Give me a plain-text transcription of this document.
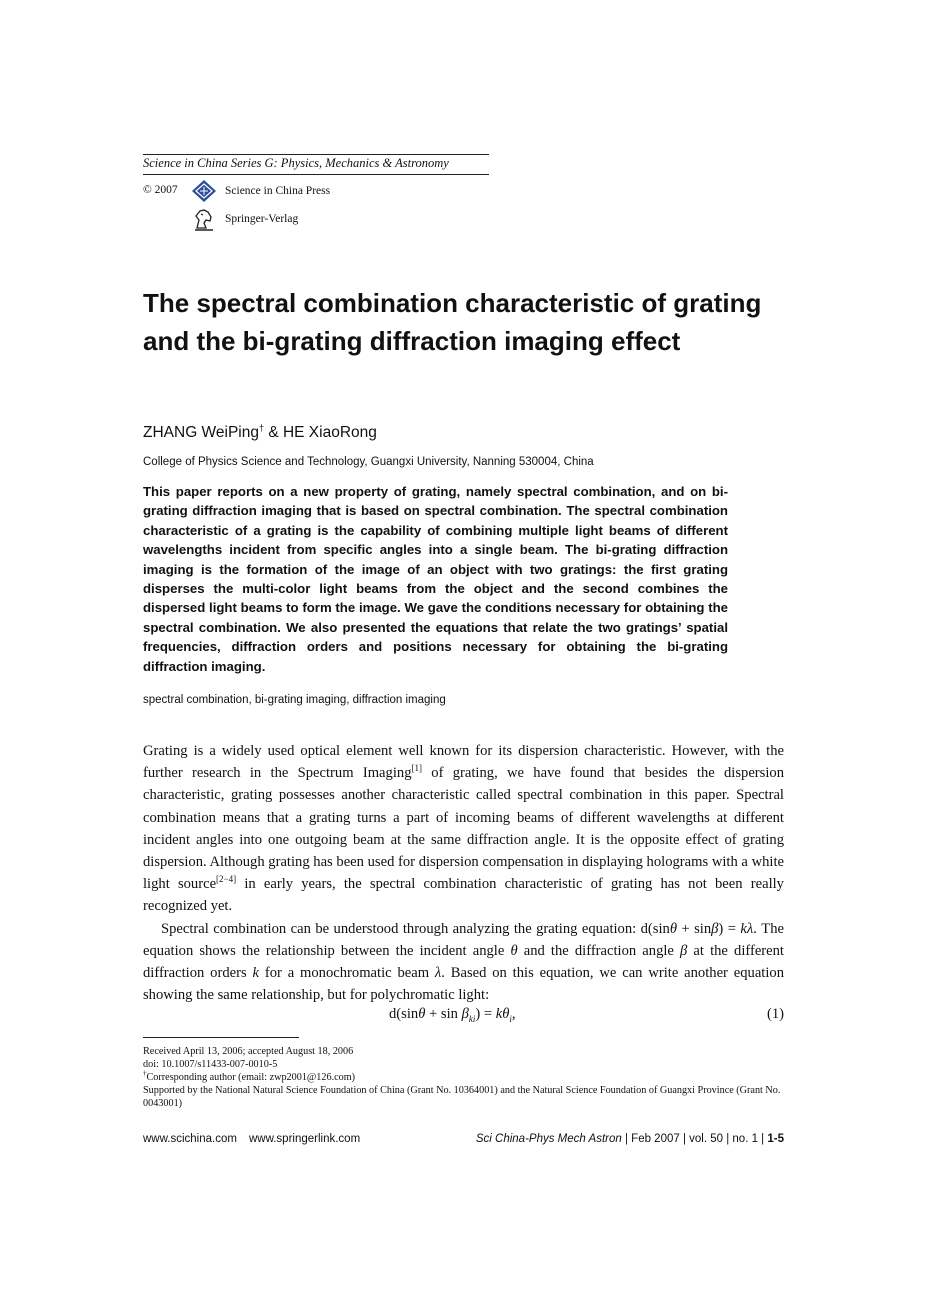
Science in China Series G: Physics, Mechanics & Astronomy
© 2007	Science in China Press
Springer-Verlag
The spectral combination characteristic of grating and the bi-grating diffraction imaging effect
ZHANG WeiPing† & HE XiaoRong
College of Physics Science and Technology, Guangxi University, Nanning 530004, China
This paper reports on a new property of grating, namely spectral combination, and on bi-grating diffraction imaging that is based on spectral combination. The spectral combination characteristic of a grating is the capability of combining multiple light beams of different wavelengths incident from specific angles into a single beam. The bi-grating diffraction imaging is the formation of the image of an object with two gratings: the first grating disperses the multi-color light beams from the object and the second combines the dispersed light beams to form the image. We gave the conditions necessary for obtaining the spectral combination. We also presented the equations that relate the two gratings’ spatial frequencies, diffraction orders and positions necessary for obtaining the bi-grating diffraction imaging.
spectral combination, bi-grating imaging, diffraction imaging

Grating is a widely used optical element well known for its dispersion characteristic. However, with the further research in the Spectrum Imaging[1] of grating, we have found that besides the dispersion characteristic, grating possesses another characteristic called spectral combination in this paper. Spectral combination means that a grating turns a part of incoming beams of different wavelengths at different incident angles into one outgoing beam at the same diffraction angle. It is the opposite effect of grating dispersion. Although grating has been used for dispersion compensation in displaying holograms with a white light source[2−4] in early years, the spectral combination characteristic of grating has not been really recognized yet.

Spectral combination can be understood through analyzing the grating equation: d(sinθ + sinβ) = kλ. The equation shows the relationship between the incident angle θ and the diffraction angle β at the different diffraction orders k for a monochromatic beam λ. Based on this equation, we can write another equation showing the same relationship, but for polychromatic light:

$d(\sin\theta + \sin \beta_{ki}) = k\theta_i$,	(1)
Received April 13, 2006; accepted August 18, 2006
doi: 10.1007/s11433-007-0010-5
†Corresponding author (email: zwp2001@126.com)
Supported by the National Natural Science Foundation of China (Grant No. 10364001) and the Natural Science Foundation of Guangxi Province (Grant No. 0043001)
www.scichina.com www.springerlink.com	Sci China-Phys Mech Astron | Feb 2007 | vol. 50 | no. 1 | 1-5
